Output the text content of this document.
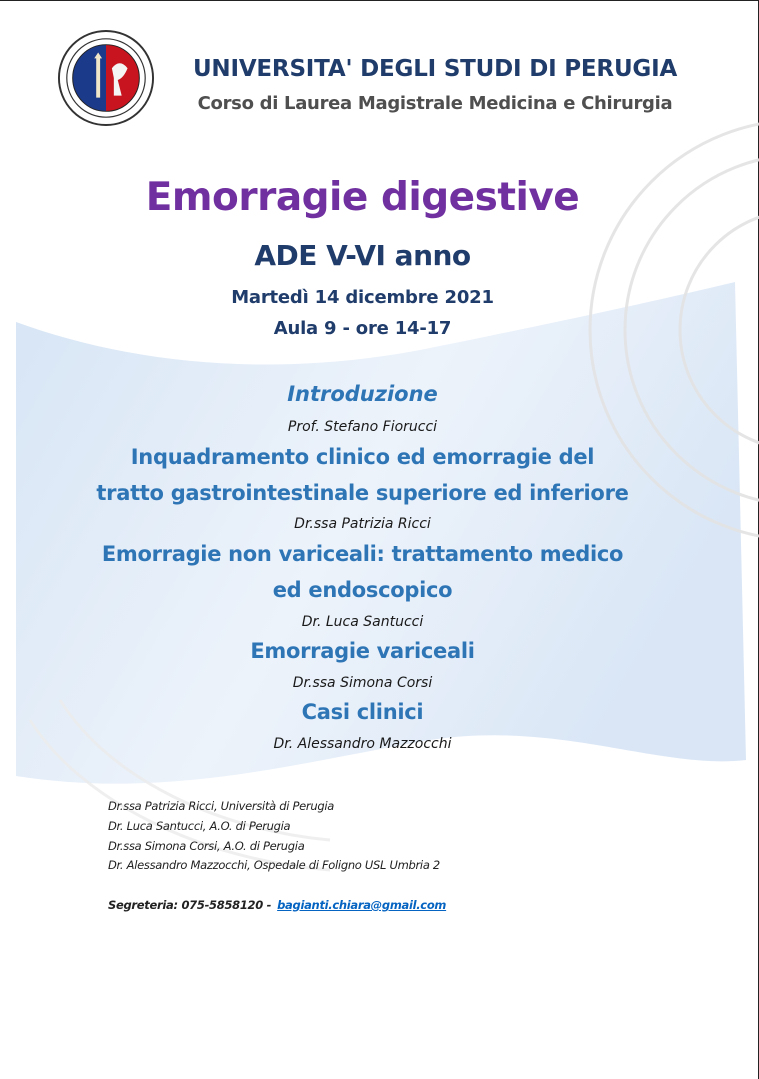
UNIVERSITA' DEGLI STUDI DI PERUGIA
Corso di Laurea Magistrale Medicina e Chirurgia
Emorragie digestive
ADE V-VI anno
Martedì 14 dicembre 2021
Aula 9 - ore 14-17
Introduzione
Prof. Stefano Fiorucci
Inquadramento clinico ed emorragie del
tratto gastrointestinale superiore ed inferiore
Dr.ssa Patrizia Ricci
Emorragie non variceali: trattamento medico
ed endoscopico
Dr. Luca Santucci
Emorragie variceali
Dr.ssa Simona Corsi
Casi clinici
Dr. Alessandro Mazzocchi
Dr.ssa Patrizia Ricci, Università di Perugia
Dr. Luca Santucci, A.O. di Perugia
Dr.ssa Simona Corsi, A.O. di Perugia
Dr. Alessandro Mazzocchi, Ospedale di Foligno USL Umbria 2
Segreteria: 075-5858120 - bagianti.chiara@gmail.com
